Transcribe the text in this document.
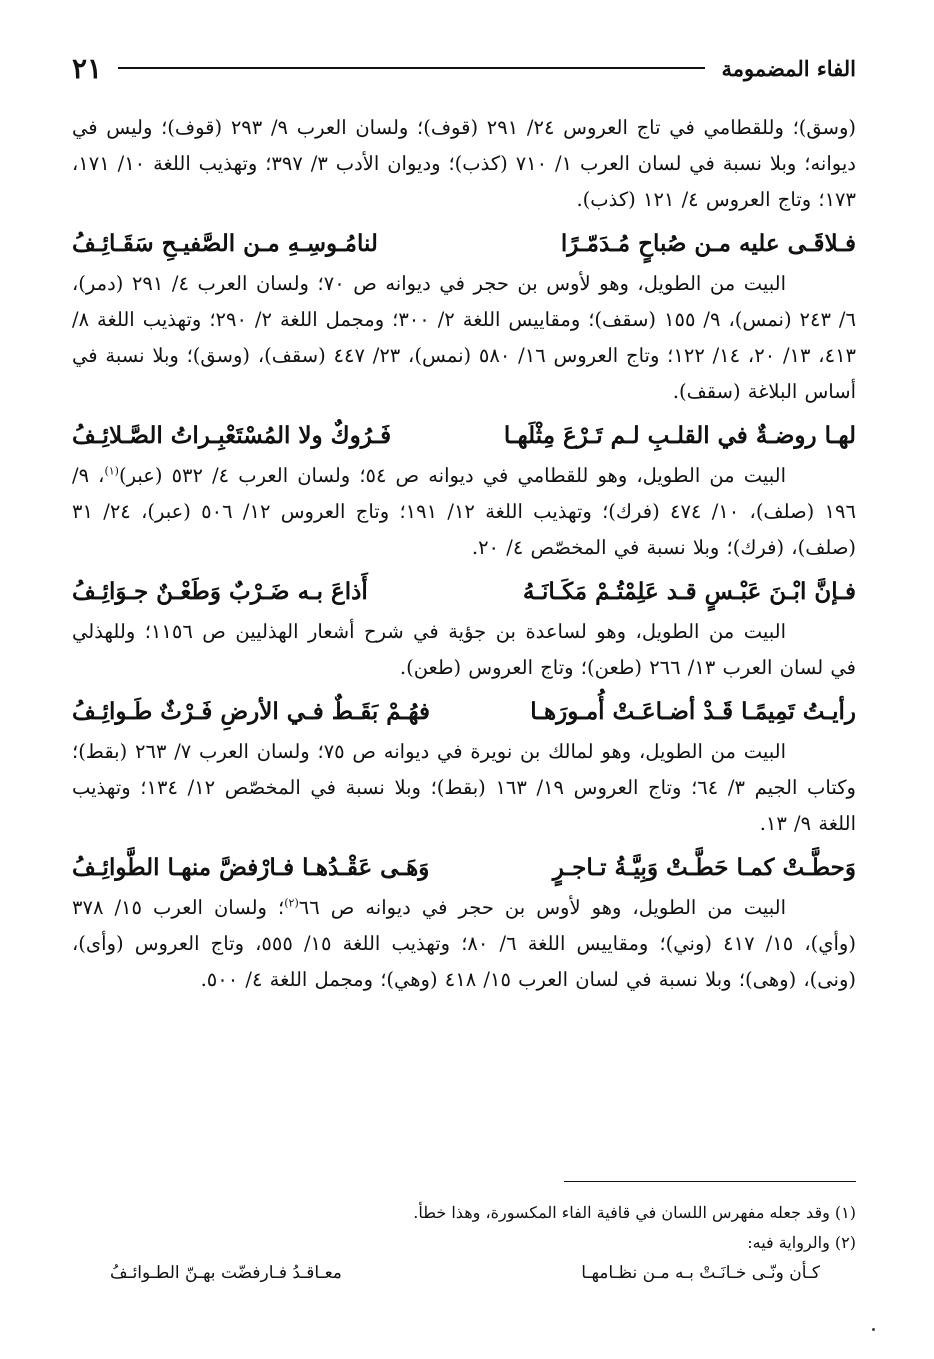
الفاء المضمومة
٢١

(وسق)؛ وللقطامي في تاج العروس ٢٤/ ٢٩١ (قوف)؛ ولسان العرب ٩/ ٢٩٣ (قوف)؛ وليس في ديوانه؛ وبلا نسبة في لسان العرب ١/ ٧١٠ (كذب)؛ وديوان الأدب ٣/ ٣٩٧؛ وتهذيب اللغة ١٠/ ١٧١، ١٧٣؛ وتاج العروس ٤/ ١٢١ (كذب).

فـلاقَـى عليه مـن صُباحٍ مُـدَمّـرًا
لنامُـوسِـهِ مـن الصَّفيـحِ سَقَـائِـفُ

البيت من الطويل، وهو لأوس بن حجر في ديوانه ص ٧٠؛ ولسان العرب ٤/ ٢٩١ (دمر)، ٦/ ٢٤٣ (نمس)، ٩/ ١٥٥ (سقف)؛ ومقاييس اللغة ٢/ ٣٠٠؛ ومجمل اللغة ٢/ ٢٩٠؛ وتهذيب اللغة ٨/ ٤١٣، ١٣/ ٢٠، ١٤/ ١٢٢؛ وتاج العروس ١٦/ ٥٨٠ (نمس)، ٢٣/ ٤٤٧ (سقف)، (وسق)؛ وبلا نسبة في أساس البلاغة (سقف).

لهـا روضـةٌ في القلـبِ لـم تَـرْعَ مِثْلَهـا
فَـرُوكٌ ولا المُسْتَعْبِـراتُ الصَّـلائِـفُ

البيت من الطويل، وهو للقطامي في ديوانه ص ٥٤؛ ولسان العرب ٤/ ٥٣٢ (عبر)$^{(١)}$، ٩/ ١٩٦ (صلف)، ١٠/ ٤٧٤ (فرك)؛ وتهذيب اللغة ١٢/ ١٩١؛ وتاج العروس ١٢/ ٥٠٦ (عبر)، ٢٤/ ٣١ (صلف)، (فرك)؛ وبلا نسبة في المخصّص ٤/ ٢٠.

فـإنَّ ابْـنَ عَبْـسٍ قـد عَلِمْتُـمْ مَكَـانَـهُ
أَذاعَ بـه ضَـرْبٌ وَطَعْـنٌ جـوَائِـفُ

البيت من الطويل، وهو لساعدة بن جؤية في شرح أشعار الهذليين ص ١١٥٦؛ وللهذلي في لسان العرب ١٣/ ٢٦٦ (طعن)؛ وتاج العروس (طعن).

رأيـتُ تَمِيمًـا قَـدْ أضـاعَـتْ أُمـورَهـا
فهُـمْ بَقَـطٌ فـي الأرضِ فَـرْثٌ طَـوائِـفُ

البيت من الطويل، وهو لمالك بن نويرة في ديوانه ص ٧٥؛ ولسان العرب ٧/ ٢٦٣ (بقط)؛ وكتاب الجيم ٣/ ٦٤؛ وتاج العروس ١٩/ ١٦٣ (بقط)؛ وبلا نسبة في المخصّص ١٢/ ١٣٤؛ وتهذيب اللغة ٩/ ١٣.

وَحطَّـتْ كمـا حَطَّـتْ وَبِيَّـةُ تـاجـرٍ
وَهَـى عَقْـدُهـا فـارْفضَّ منهـا الطَّوائِـفُ

البيت من الطويل، وهو لأوس بن حجر في ديوانه ص ٦٦$^{(٢)}$؛ ولسان العرب ١٥/ ٣٧٨ (وأي)، ١٥/ ٤١٧ (وني)؛ ومقاييس اللغة ٦/ ٨٠؛ وتهذيب اللغة ١٥/ ٥٥٥، وتاج العروس (وأى)، (ونى)، (وهى)؛ وبلا نسبة في لسان العرب ١٥/ ٤١٨ (وهي)؛ ومجمل اللغة ٤/ ٥٠٠.

(١) وقد جعله مفهرس اللسان في قافية الفاء المكسورة، وهذا خطأ.

(٢) والرواية فيه:

كـأن ونّـى خـانَـتْ بـه مـن نظـامهـا
معـاقـدُ فـارفضّت بهـنّ الطـوائـفُ
